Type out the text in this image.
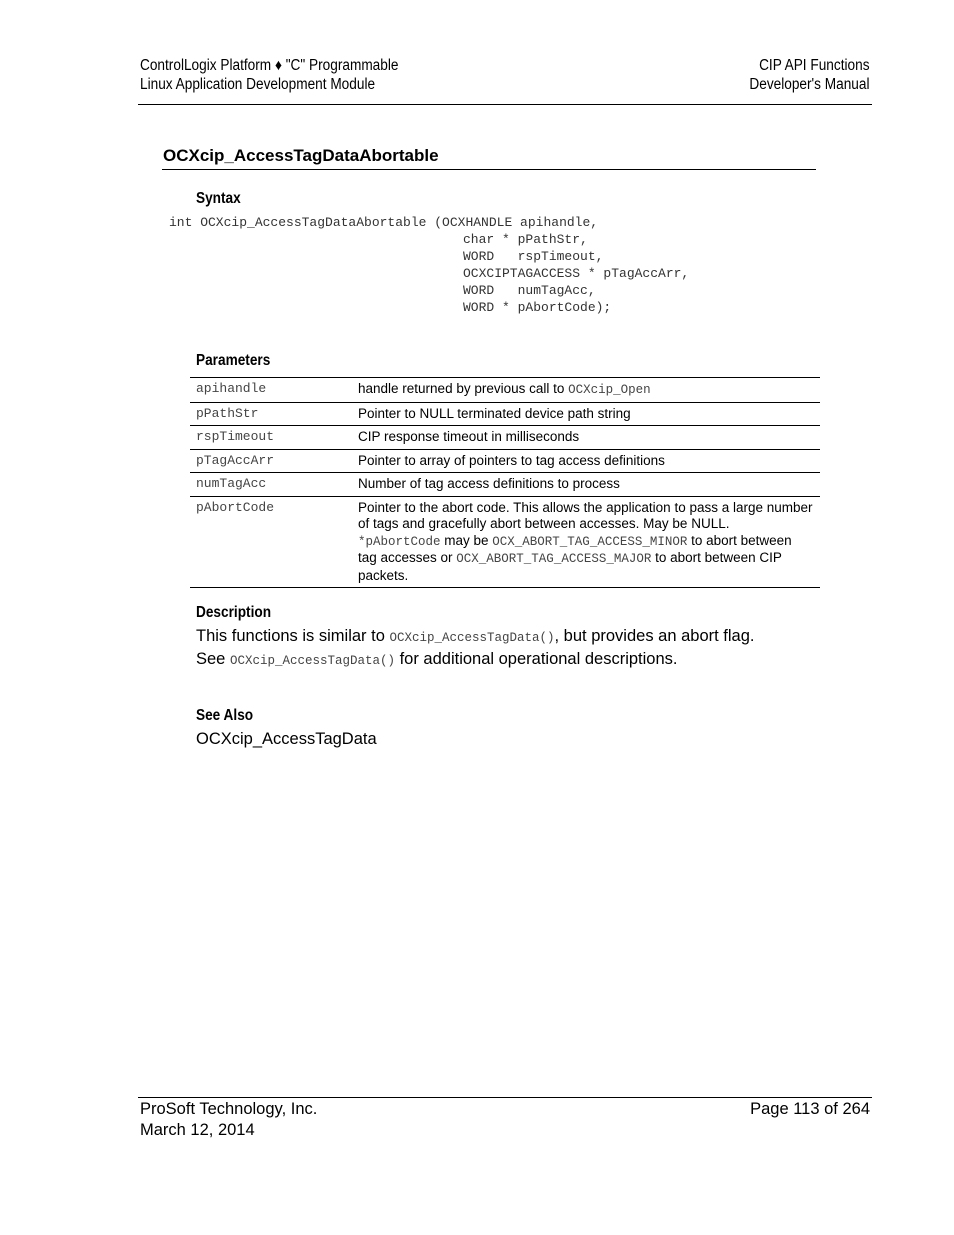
ControlLogix Platform ♦ "C" Programmable
Linux Application Development Module
CIP API Functions
Developer's Manual
OCXcip_AccessTagDataAbortable
Syntax
int OCXcip_AccessTagDataAbortable (OCXHANDLE apihandle,
char * pPathStr,
WORD   rspTimeout,
OCXCIPTAGACCESS * pTagAccArr,
WORD   numTagAcc,
WORD * pAbortCode);
Parameters
apihandle	handle returned by previous call to OCXcip_Open
pPathStr	Pointer to NULL terminated device path string
rspTimeout	CIP response timeout in milliseconds
pTagAccArr	Pointer to array of pointers to tag access definitions
numTagAcc	Number of tag access definitions to process
pAbortCode	Pointer to the abort code. This allows the application to pass a large number of tags and gracefully abort between accesses. May be NULL.
*pAbortCode may be OCX_ABORT_TAG_ACCESS_MINOR to abort between tag accesses or OCX_ABORT_TAG_ACCESS_MAJOR to abort between CIP packets.
Description
This functions is similar to OCXcip_AccessTagData(), but provides an abort flag.
See OCXcip_AccessTagData() for additional operational descriptions.
See Also
OCXcip_AccessTagData
ProSoft Technology, Inc.
March 12, 2014
Page 113 of 264
